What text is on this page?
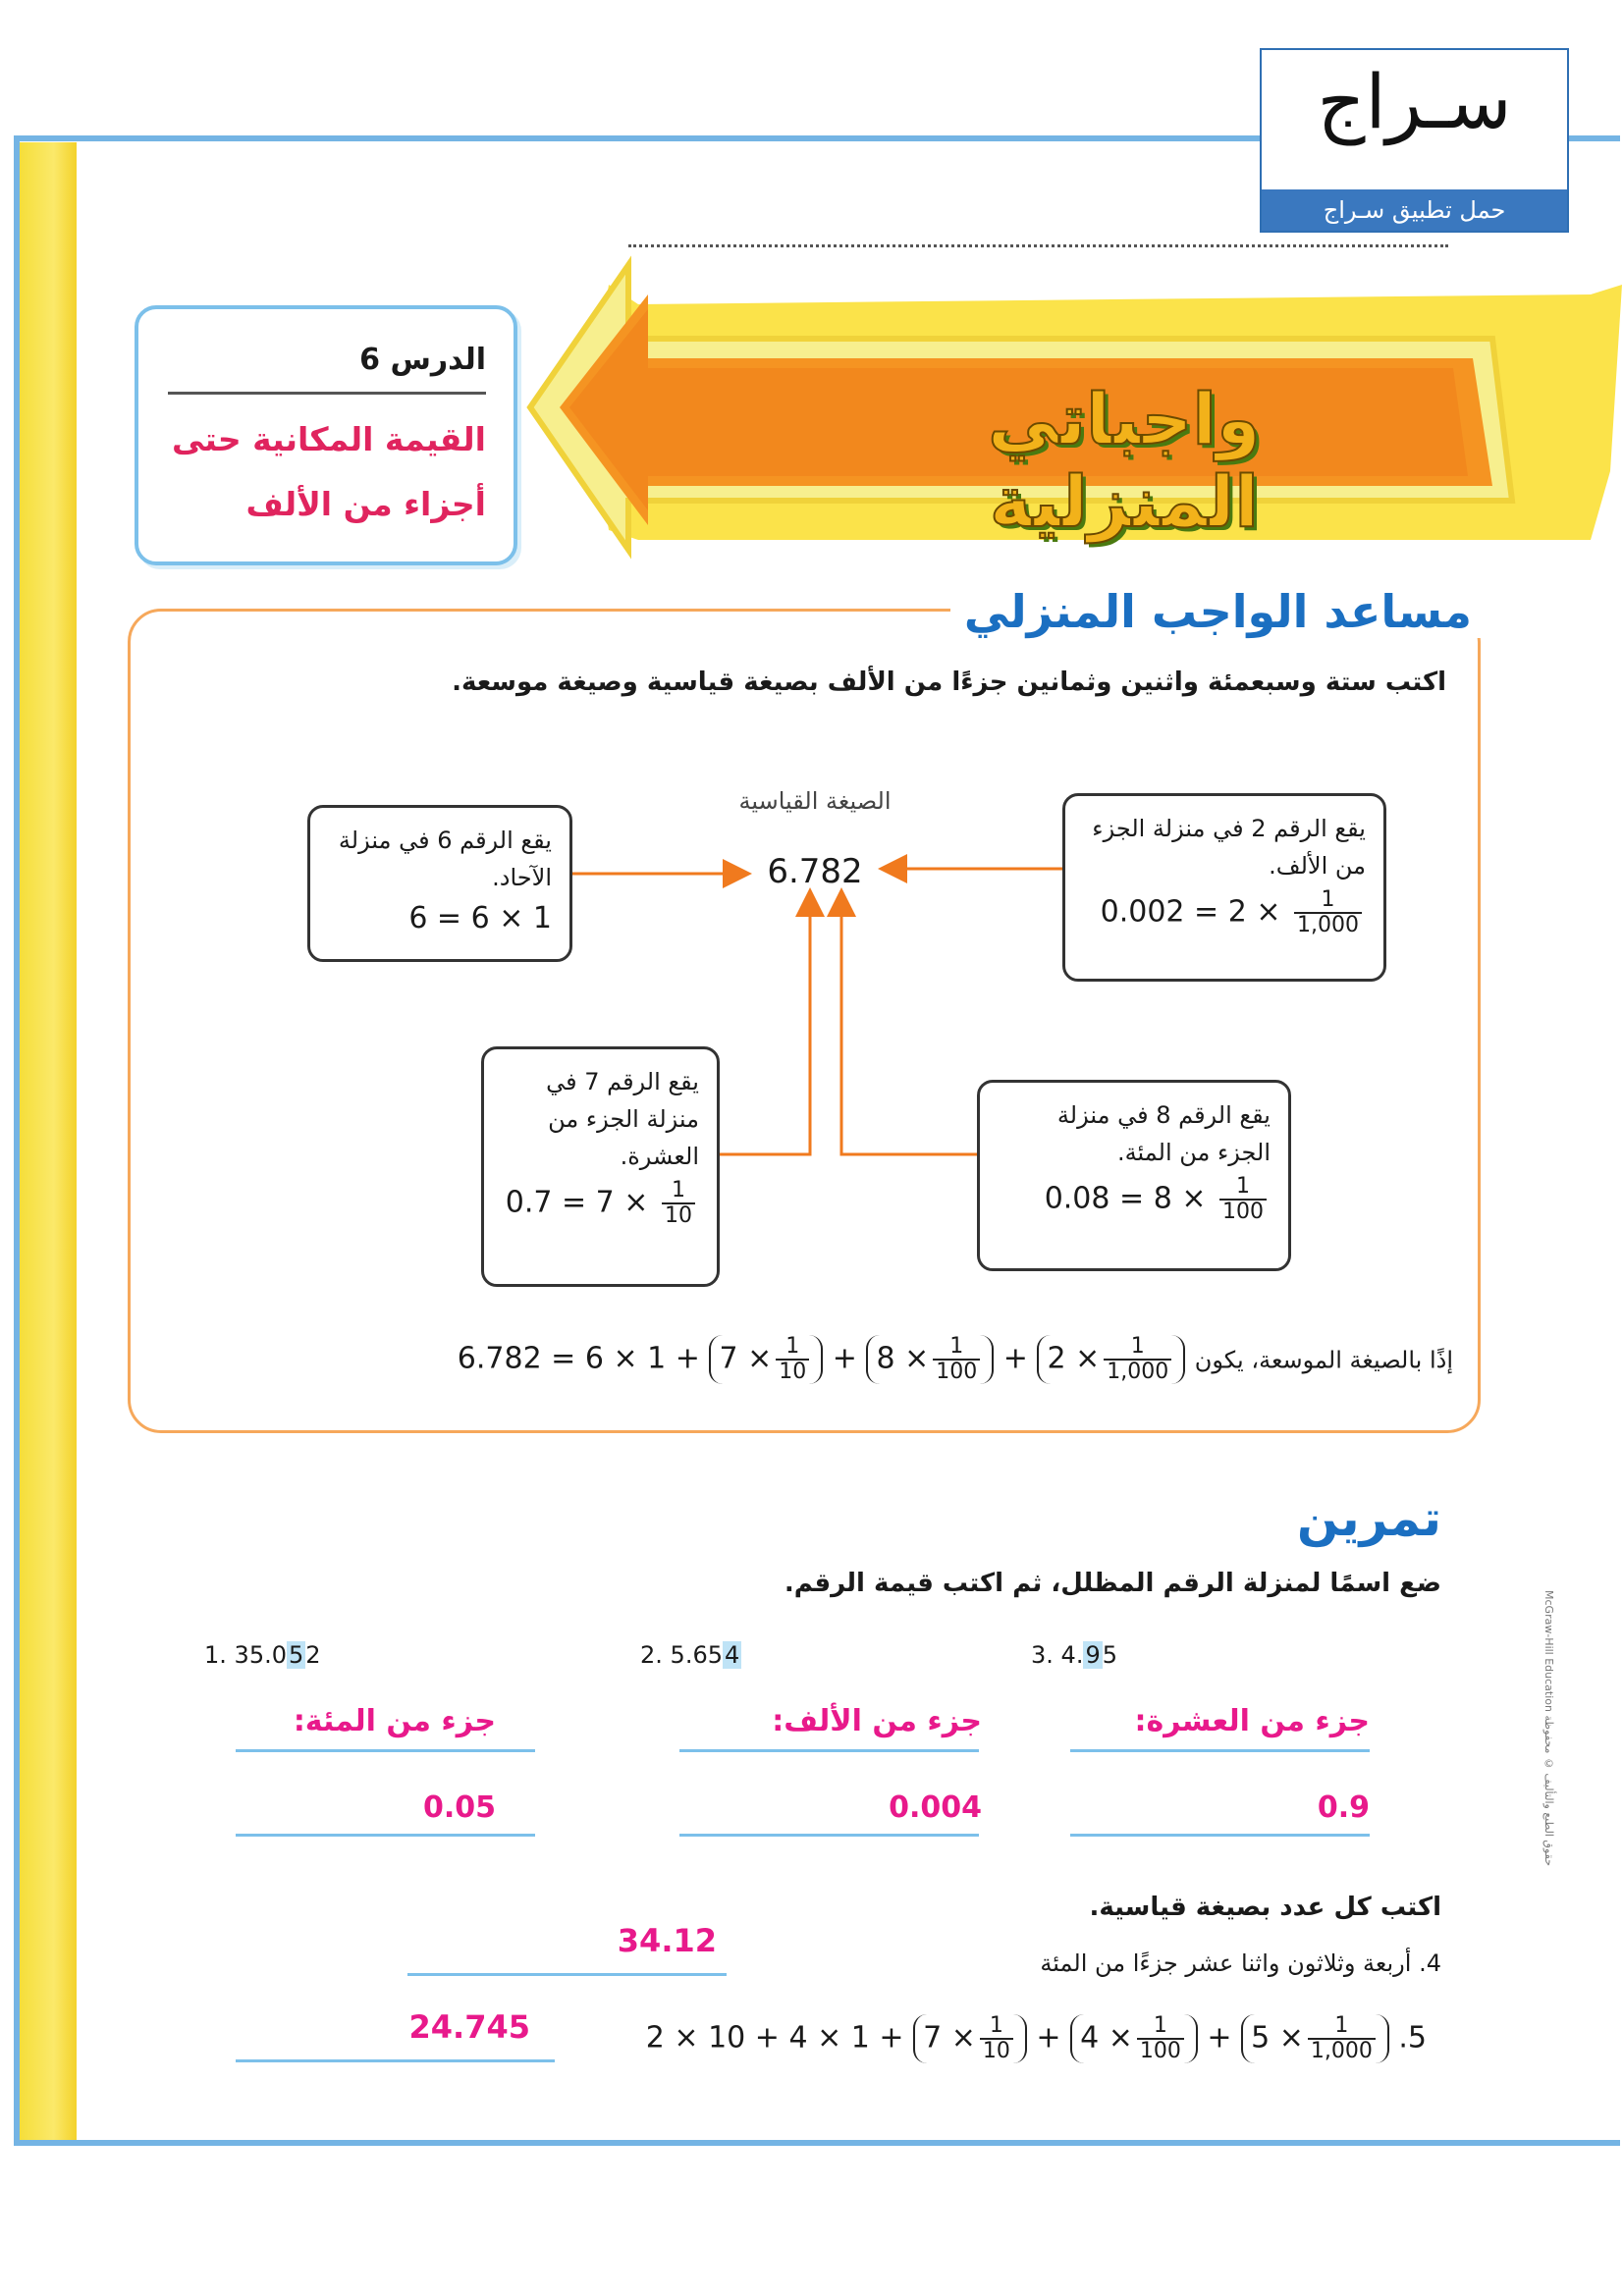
سـراج
حمل تطبيق سـراج
واجباتي المنزلية
الدرس 6
القيمة المكانية حتى
أجزاء من الألف
مساعد الواجب المنزلي
اكتب ستة وسبعمئة واثنين وثمانين جزءًا من الألف بصيغة قياسية وصيغة موسعة.
الصيغة القياسية
6.782
يقع الرقم 6 في منزلة الآحاد.
6 = 6 × 1
يقع الرقم 2 في منزلة الجزء من الألف.
$0.002 = 2 \times \frac{1}{1,000}$
يقع الرقم 7 في منزلة الجزء من العشرة.
$0.7 = 7 \times \frac{1}{10}$
يقع الرقم 8 في منزلة الجزء من المئة.
$0.08 = 8 \times \frac{1}{100}$
$6.782 = 6 \times 1 + 7 \times \frac{1}{10} + 8 \times \frac{1}{100} + 2 \times \frac{1}{1,000}$ إذًا بالصيغة الموسعة، يكون
تمرين
ضع اسمًا لمنزلة الرقم المظلل، ثم اكتب قيمة الرقم.
1. 35.052	2. 5.654	3. 4.95
جزء من المئة:	جزء من الألف:	جزء من العشرة:
0.05	0.004	0.9
اكتب كل عدد بصيغة قياسية.
4. أربعة وثلاثون واثنا عشر جزءًا من المئة
34.12
$2 \times 10 + 4 \times 1 + 7 \times \frac{1}{10} + 4 \times \frac{1}{100} + 5 \times \frac{1}{1,000} .5$
24.745
McGraw-Hill Education حقوق الطبع والتأليف © محفوظة
